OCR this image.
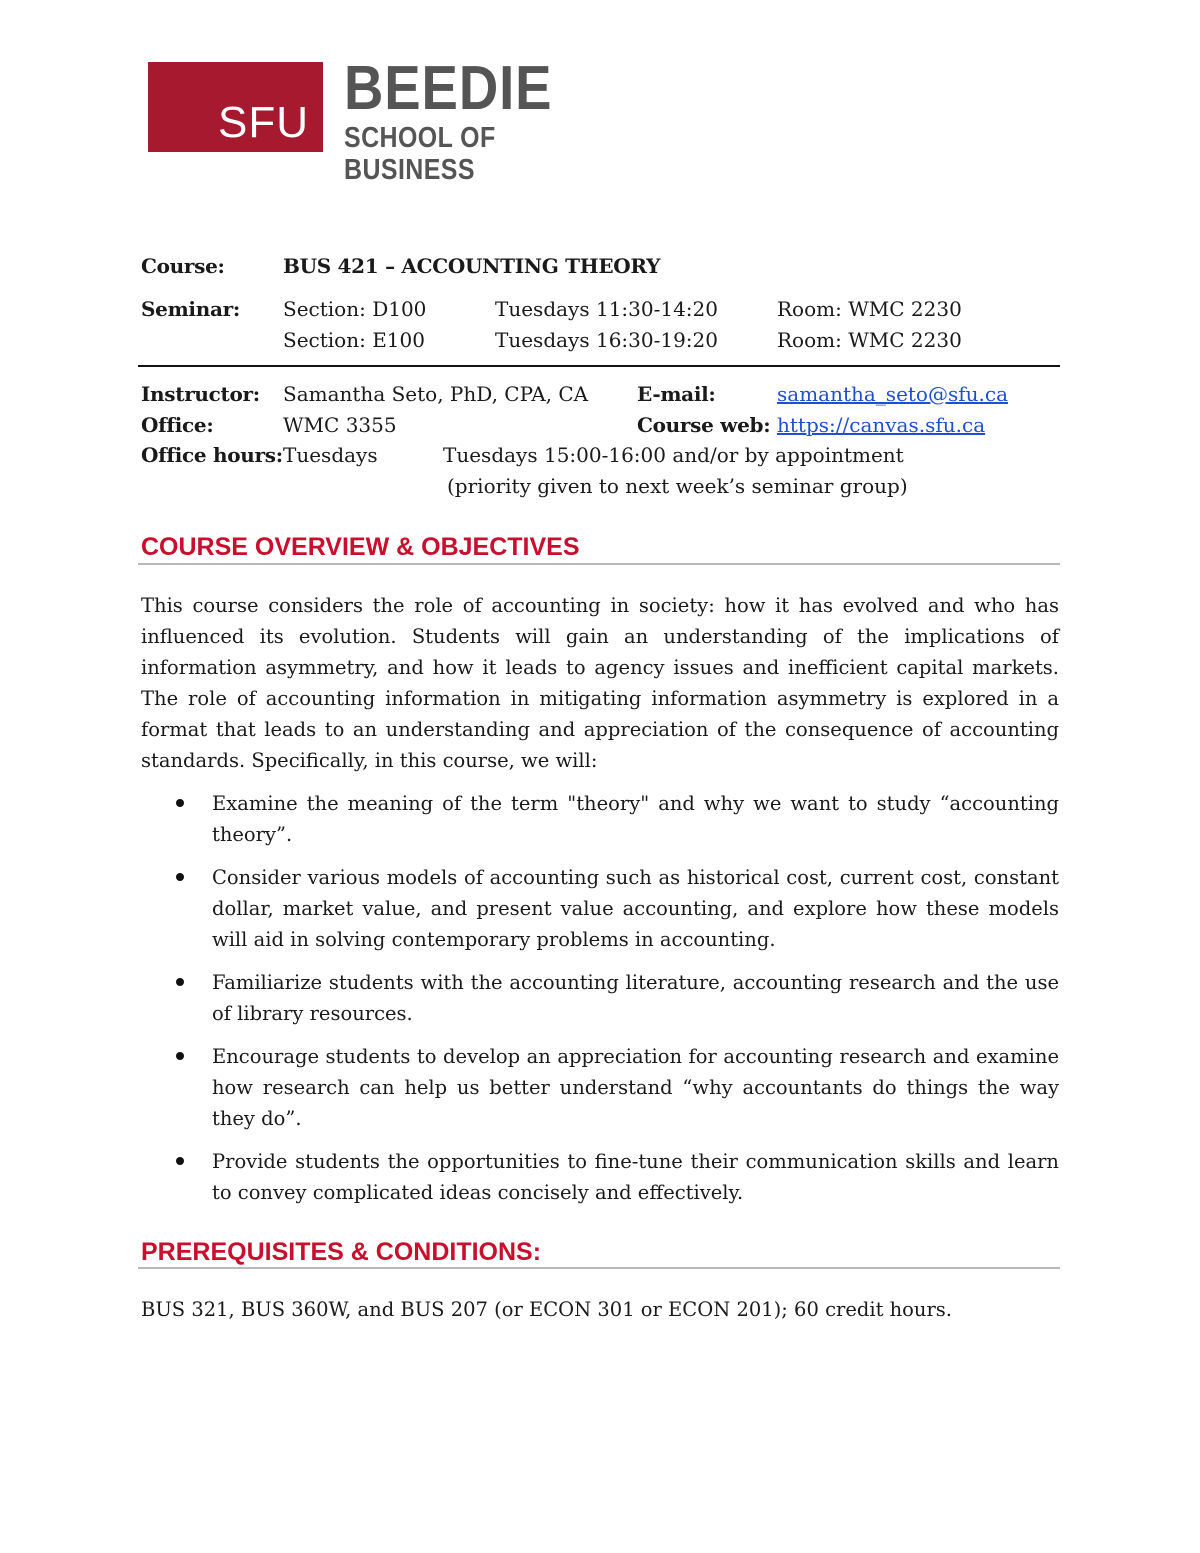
SFU BEEDIE
SCHOOL OF BUSINESS
Course:	BUS 421 – ACCOUNTING THEORY
Seminar: Section: D100	Tuesdays 11:30-14:20	Room: WMC 2230
Section: E100	Tuesdays 16:30-19:20	Room: WMC 2230
Instructor: Samantha Seto, PhD, CPA, CA E-mail:	samantha_seto@sfu.ca
Office:	WMC 3355	Course web: https://canvas.sfu.ca
Office hours: Tuesdays	Tuesdays 15:00-16:00 and/or by appointment
(priority given to next week’s seminar group)
COURSE OVERVIEW & OBJECTIVES
This course considers the role of accounting in society: how it has evolved and who has influenced its evolution. Students will gain an understanding of the implications of information asymmetry, and how it leads to agency issues and inefficient capital markets. The role of accounting information in mitigating information asymmetry is explored in a format that leads to an understanding and appreciation of the consequence of accounting standards. Specifically, in this course, we will:
Examine the meaning of the term "theory" and why we want to study “accounting theory”.
Consider various models of accounting such as historical cost, current cost, constant dollar, market value, and present value accounting, and explore how these models will aid in solving contemporary problems in accounting.
Familiarize students with the accounting literature, accounting research and the use of library resources.
Encourage students to develop an appreciation for accounting research and examine how research can help us better understand “why accountants do things the way they do”.
Provide students the opportunities to fine-tune their communication skills and learn to convey complicated ideas concisely and effectively.
PREREQUISITES & CONDITIONS:
BUS 321, BUS 360W, and BUS 207 (or ECON 301 or ECON 201); 60 credit hours.
